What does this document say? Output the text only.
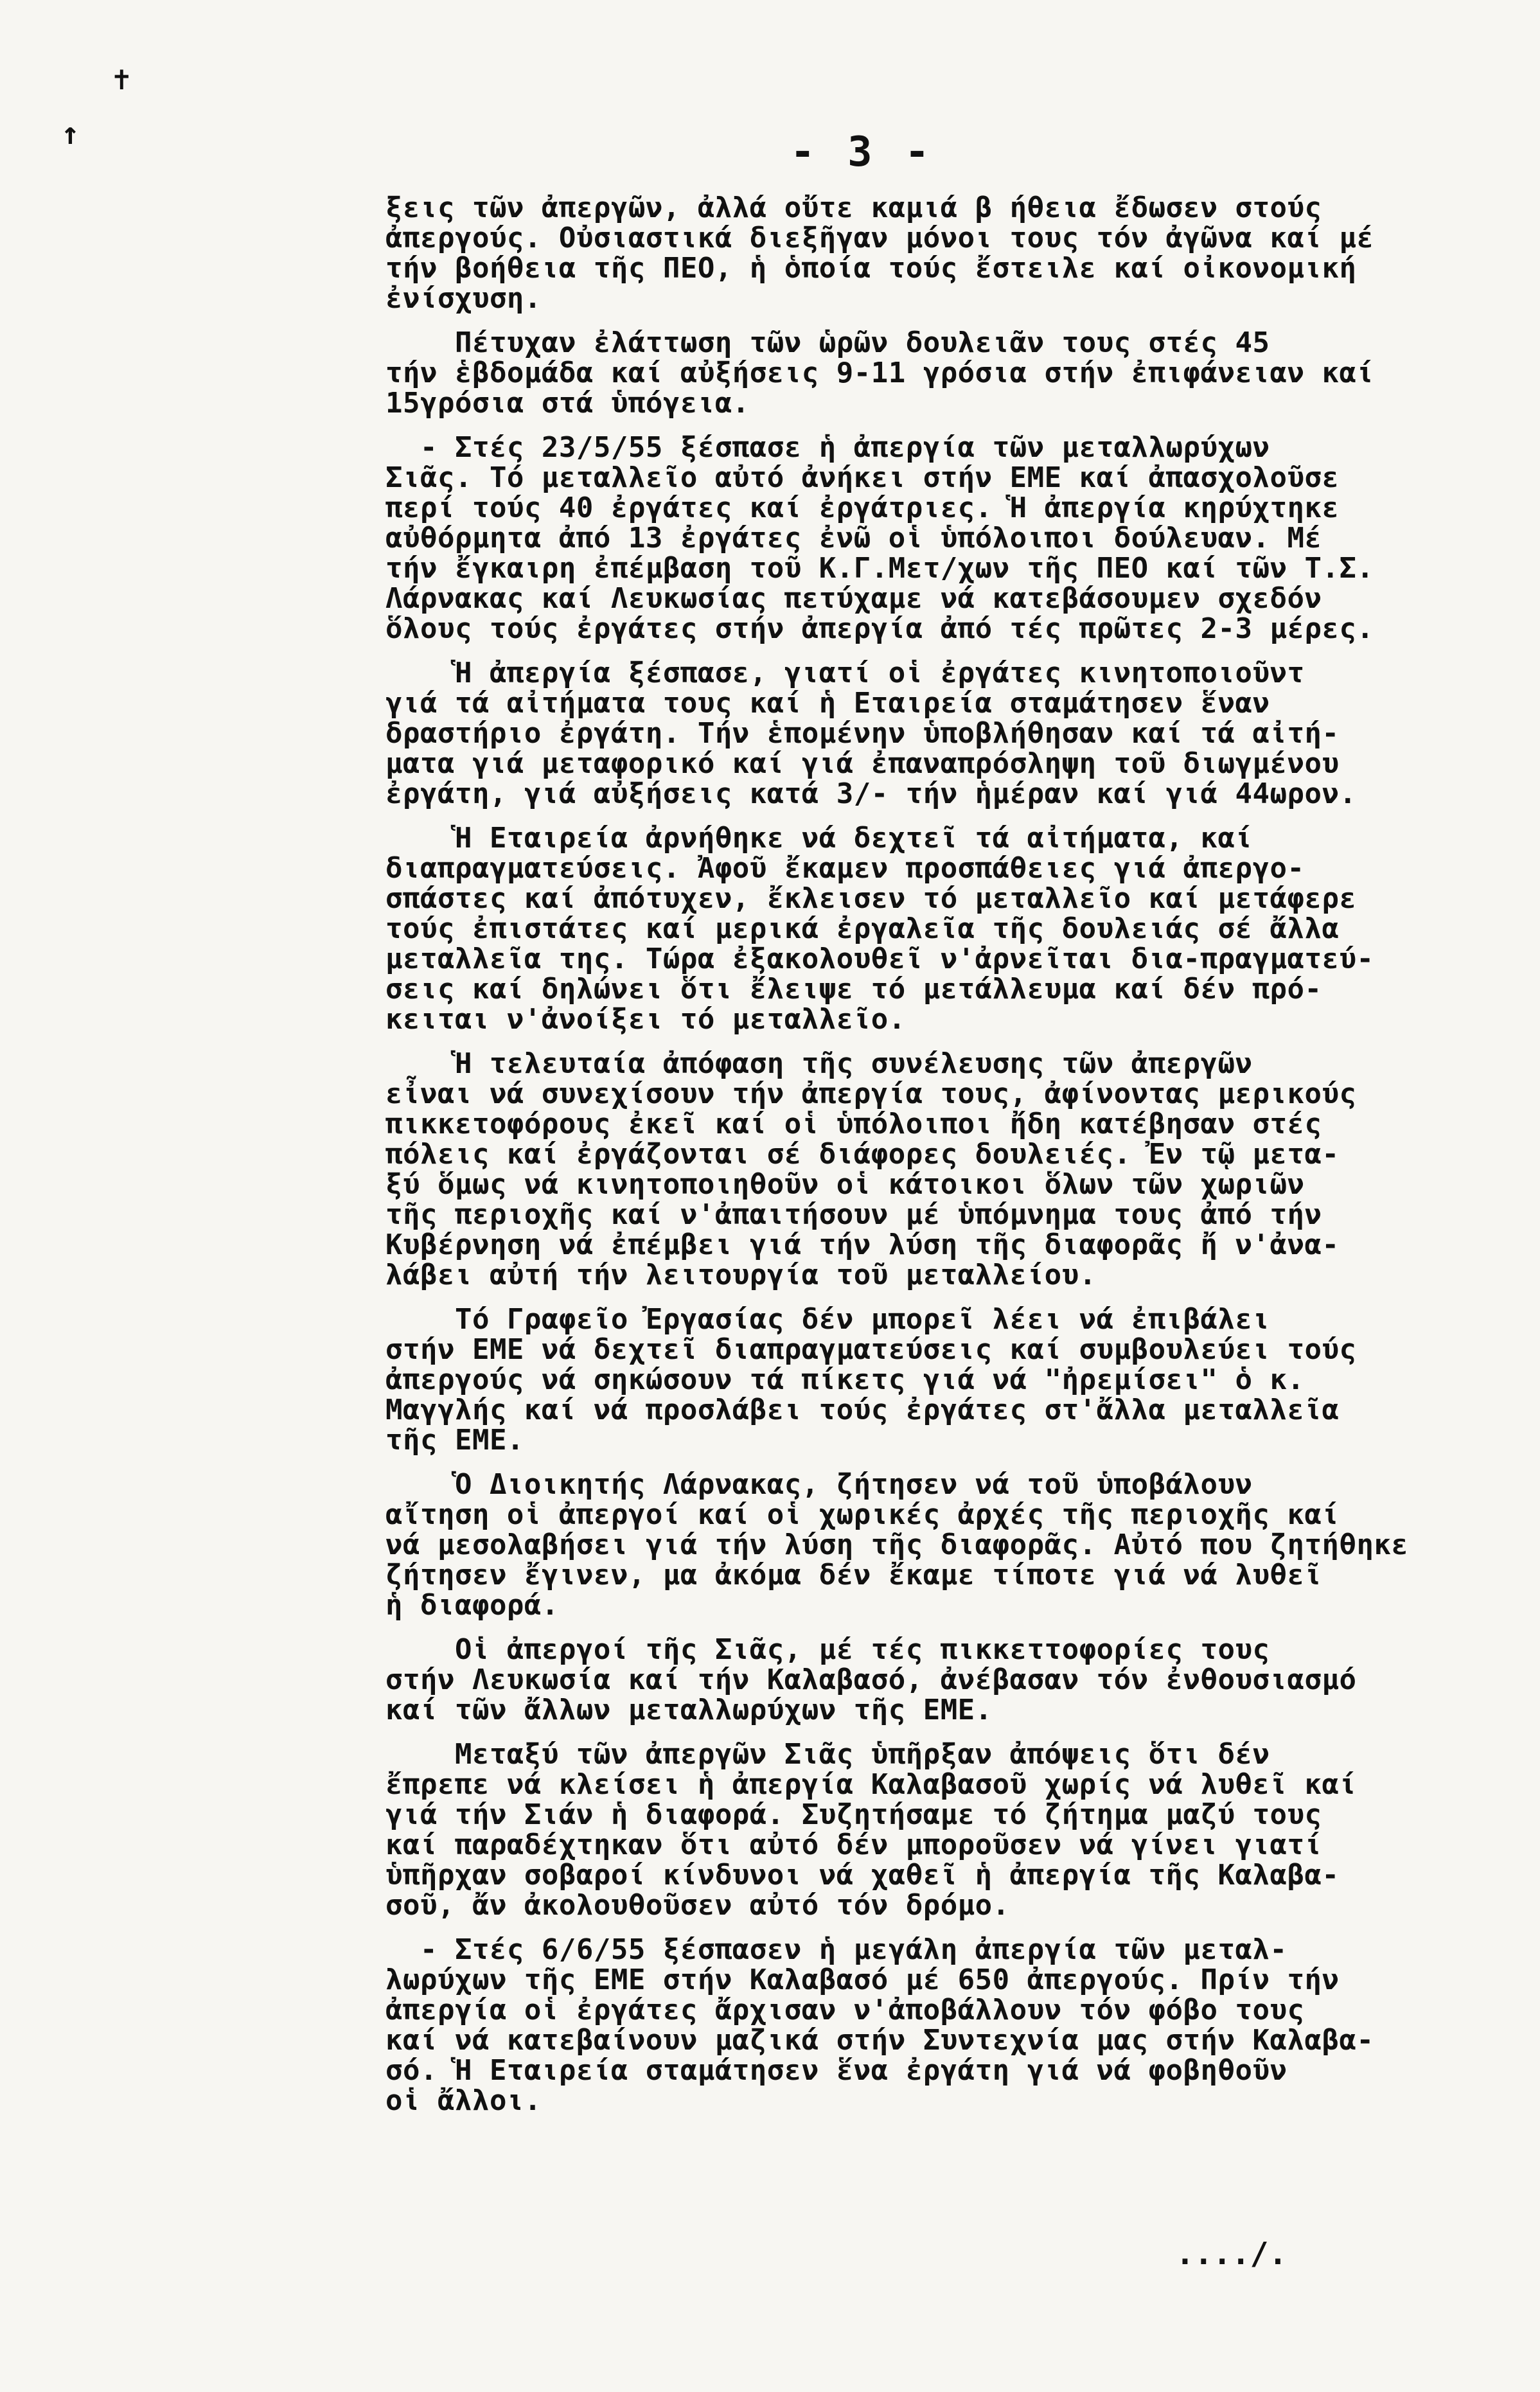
✝
↑	- 3 -
ξεις τῶν ἀπεργῶν, ἀλλά οὔτε καμιά β ήθεια ἔδωσεν στούς
ἀπεργούς. Οὐσιαστικά διεξῆγαν μόνοι τους τόν ἀγῶνα καί μέ
τήν βοήθεια τῆς ΠΕΟ, ἡ ὁποία τούς ἔστειλε καί οἰκονομική
ἐνίσχυση.
Πέτυχαν ἐλάττωση τῶν ὡρῶν δουλειᾶν τους στές 45
τήν ἑβδομάδα καί αὐξήσεις 9-11 γρόσια στήν ἐπιφάνειαν καί
15γρόσια στά ὑπόγεια.
- Στές 23/5/55 ξέσπασε ἡ ἀπεργία τῶν μεταλλωρύχων
Σιᾶς. Τό μεταλλεῖο αὐτό ἀνήκει στήν ΕΜΕ καί ἀπασχολοῦσε
περί τούς 40 ἐργάτες καί ἐργάτριες. Ἡ ἀπεργία κηρύχτηκε
αὐθόρμητα ἀπό 13 ἐργάτες ἐνῶ οἱ ὑπόλοιποι δούλευαν. Μέ
τήν ἔγκαιρη ἐπέμβαση τοῦ Κ.Γ.Μετ/χων τῆς ΠΕΟ καί τῶν Τ.Σ.
Λάρνακας καί Λευκωσίας πετύχαμε νά κατεβάσουμεν σχεδόν
ὅλους τούς ἐργάτες στήν ἀπεργία ἀπό τές πρῶτες 2-3 μέρες.
Ἡ ἀπεργία ξέσπασε, γιατί οἱ ἐργάτες κινητοποιοῦντ
γιά τά αἰτήματα τους καί ἡ Εταιρεία σταμάτησεν ἕναν
δραστήριο ἐργάτη. Τήν ἑπομένην ὑποβλήθησαν καί τά αἰτή-
ματα γιά μεταφορικό καί γιά ἐπαναπρόσληψη τοῦ διωγμένου
ἐργάτη, γιά αὐξήσεις κατά 3/- τήν ἡμέραν καί γιά 44ωρον.
Ἡ Εταιρεία ἀρνήθηκε νά δεχτεῖ τά αἰτήματα, καί
διαπραγματεύσεις. Ἀφοῦ ἔκαμεν προσπάθειες γιά ἀπεργο-
σπάστες καί ἀπότυχεν, ἔκλεισεν τό μεταλλεῖο καί μετάφερε
τούς ἐπιστάτες καί μερικά ἐργαλεῖα τῆς δουλειάς σέ ἄλλα
μεταλλεῖα της. Τώρα ἐξακολουθεῖ ν'ἀρνεῖται δια-πραγματεύ-
σεις καί δηλώνει ὅτι ἔλειψε τό μετάλλευμα καί δέν πρό-
κειται ν'ἀνοίξει τό μεταλλεῖο.
Ἡ τελευταία ἀπόφαση τῆς συνέλευσης τῶν ἀπεργῶν
εἶναι νά συνεχίσουν τήν ἀπεργία τους, ἀφίνοντας μερικούς
πικκετοφόρους ἐκεῖ καί οἱ ὑπόλοιποι ἤδη κατέβησαν στές
πόλεις καί ἐργάζονται σέ διάφορες δουλειές. Ἐν τῷ μετα-
ξύ ὅμως νά κινητοποιηθοῦν οἱ κάτοικοι ὅλων τῶν χωριῶν
τῆς περιοχῆς καί ν'ἀπαιτήσουν μέ ὑπόμνημα τους ἀπό τήν
Κυβέρνηση νά ἐπέμβει γιά τήν λύση τῆς διαφορᾶς ἤ ν'ἀνα-
λάβει αὐτή τήν λειτουργία τοῦ μεταλλείου.
Τό Γραφεῖο Ἐργασίας δέν μπορεῖ λέει νά ἐπιβάλει
στήν ΕΜΕ νά δεχτεῖ διαπραγματεύσεις καί συμβουλεύει τούς
ἀπεργούς νά σηκώσουν τά πίκετς γιά νά "ἠρεμίσει" ὁ κ.
Μαγγλής καί νά προσλάβει τούς ἐργάτες στ'ἄλλα μεταλλεῖα
τῆς ΕΜΕ.
Ὁ Διοικητής Λάρνακας, ζήτησεν νά τοῦ ὑποβάλουν
αἴτηση οἱ ἀπεργοί καί οἱ χωρικές ἀρχές τῆς περιοχῆς καί
νά μεσολαβήσει γιά τήν λύση τῆς διαφορᾶς. Αὐτό που ζητήθηκε
ζήτησεν ἔγινεν, μα ἀκόμα δέν ἔκαμε τίποτε γιά νά λυθεῖ
ἡ διαφορά.
Οἱ ἀπεργοί τῆς Σιᾶς, μέ τές πικκεττοφορίες τους
στήν Λευκωσία καί τήν Καλαβασό, ἀνέβασαν τόν ἐνθουσιασμό
καί τῶν ἄλλων μεταλλωρύχων τῆς ΕΜΕ.
Μεταξύ τῶν ἀπεργῶν Σιᾶς ὑπῆρξαν ἀπόψεις ὅτι δέν
ἔπρεπε νά κλείσει ἡ ἀπεργία Καλαβασοῦ χωρίς νά λυθεῖ καί
γιά τήν Σιάν ἡ διαφορά. Συζητήσαμε τό ζήτημα μαζύ τους
καί παραδέχτηκαν ὅτι αὐτό δέν μποροῦσεν νά γίνει γιατί
ὑπῆρχαν σοβαροί κίνδυνοι νά χαθεῖ ἡ ἀπεργία τῆς Καλαβα-
σοῦ, ἄν ἀκολουθοῦσεν αὐτό τόν δρόμο.
- Στές 6/6/55 ξέσπασεν ἡ μεγάλη ἀπεργία τῶν μεταλ-
λωρύχων τῆς ΕΜΕ στήν Καλαβασό μέ 650 ἀπεργούς. Πρίν τήν
ἀπεργία οἱ ἐργάτες ἄρχισαν ν'ἀποβάλλουν τόν φόβο τους
καί νά κατεβαίνουν μαζικά στήν Συντεχνία μας στήν Καλαβα-
σό. Ἡ Εταιρεία σταμάτησεν ἕνα ἐργάτη γιά νά φοβηθοῦν
οἱ ἄλλοι.
..../.
